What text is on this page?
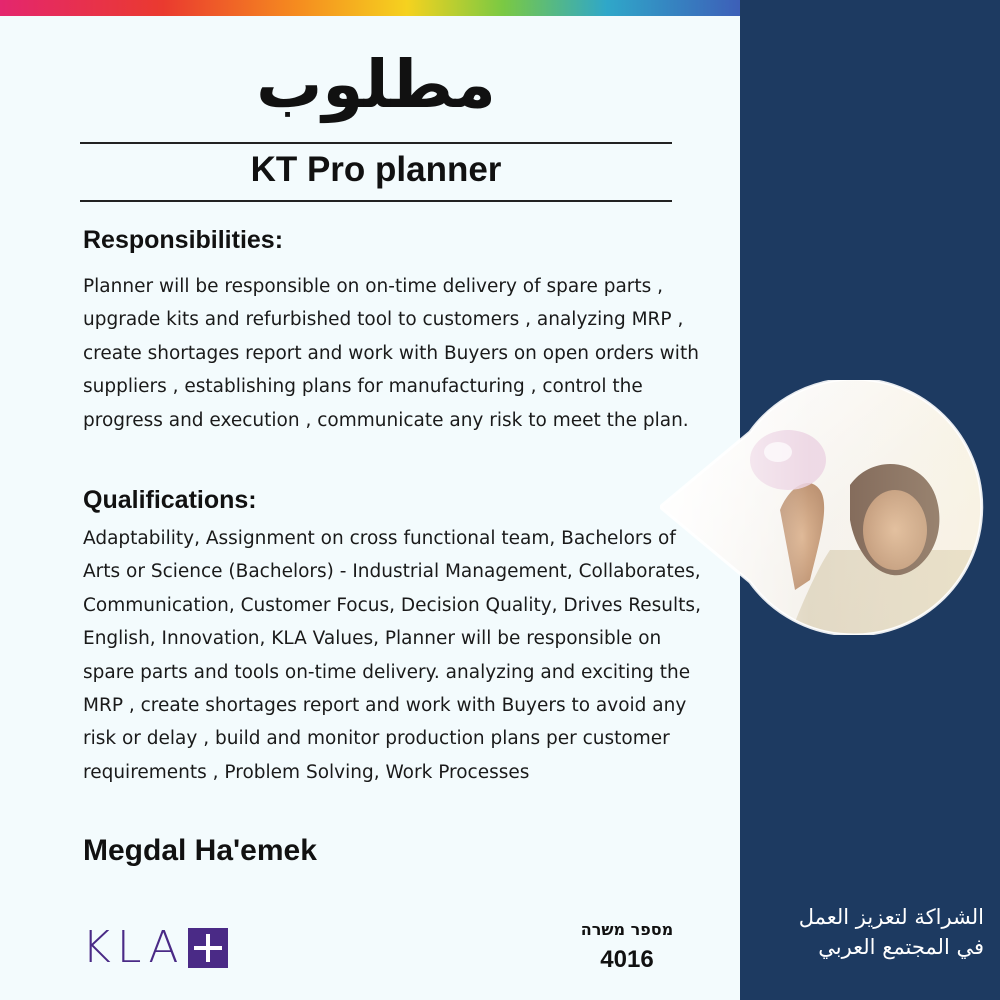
مطلوب
KT Pro planner
Responsibilities:
Planner will be responsible on on-time delivery of spare parts , upgrade kits and refurbished tool to customers , analyzing MRP , create shortages report and work with Buyers on open orders with suppliers , establishing plans for manufacturing , control the progress and execution , communicate any risk to meet the plan.
Qualifications:
Adaptability, Assignment on cross functional team, Bachelors of Arts or Science (Bachelors) - Industrial Management, Collaborates, Communication, Customer Focus, Decision Quality, Drives Results, English, Innovation, KLA Values, Planner will be responsible on spare parts and tools on-time delivery. analyzing and exciting the MRP , create shortages report and work with Buyers to avoid any risk or delay , build and monitor production plans per customer requirements , Problem Solving, Work Processes
Megdal Ha'emek
KLA	מספר משרה
4016
الشراكة لتعزيز العمل
في المجتمع العربي
